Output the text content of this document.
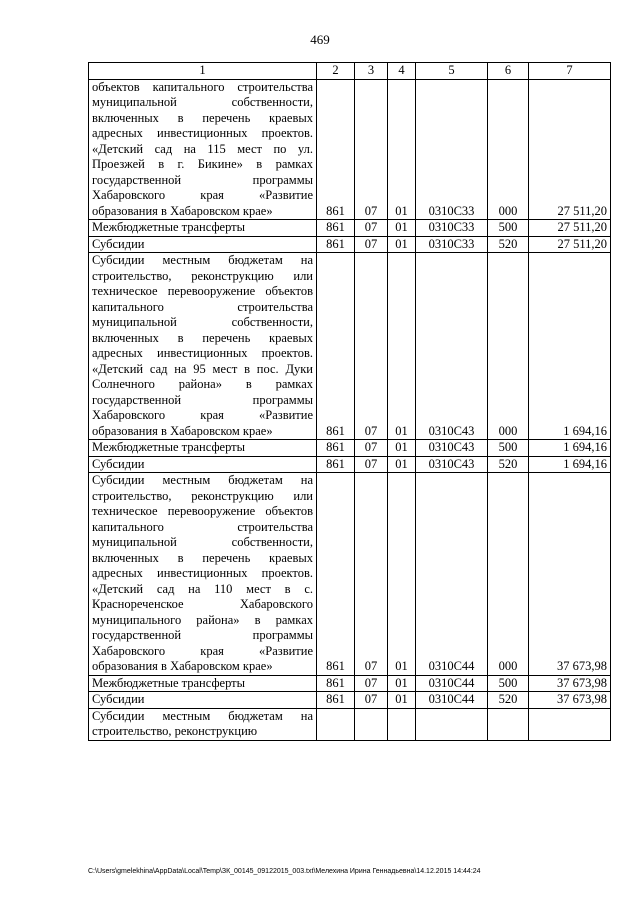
469
1	2	3	4	5	6	7
объектов капитального строительства муниципальной собственности, включенных в перечень краевых адресных инвестиционных проектов. «Детский сад на 115 мест по ул. Проезжей в г. Бикине» в рамках государственной программы Хабаровского края «Развитие образования в Хабаровском крае»	861	07	01	0310С33	000	27 511,20
Межбюджетные трансферты	861	07	01	0310С33	500	27 511,20
Субсидии	861	07	01	0310С33	520	27 511,20
Субсидии местным бюджетам на строительство, реконструкцию или техническое перевооружение объектов капитального строительства муниципальной собственности, включенных в перечень краевых адресных инвестиционных проектов. «Детский сад на 95 мест в пос. Дуки Солнечного района» в рамках государственной программы Хабаровского края «Развитие образования в Хабаровском крае»	861	07	01	0310С43	000	1 694,16
Межбюджетные трансферты	861	07	01	0310С43	500	1 694,16
Субсидии	861	07	01	0310С43	520	1 694,16
Субсидии местным бюджетам на строительство, реконструкцию или техническое перевооружение объектов капитального строительства муниципальной собственности, включенных в перечень краевых адресных инвестиционных проектов. «Детский сад на 110 мест в с. Краснореченское Хабаровского муниципального района» в рамках государственной программы Хабаровского края «Развитие образования в Хабаровском крае»	861	07	01	0310С44	000	37 673,98
Межбюджетные трансферты	861	07	01	0310С44	500	37 673,98
Субсидии	861	07	01	0310С44	520	37 673,98
Субсидии местным бюджетам на строительство, реконструкцию						
C:\Users\gmelekhina\AppData\Local\Temp\ЗК_00145_09122015_003.txt\Мелехина Ирина Геннадьевна\14.12.2015 14:44:24
